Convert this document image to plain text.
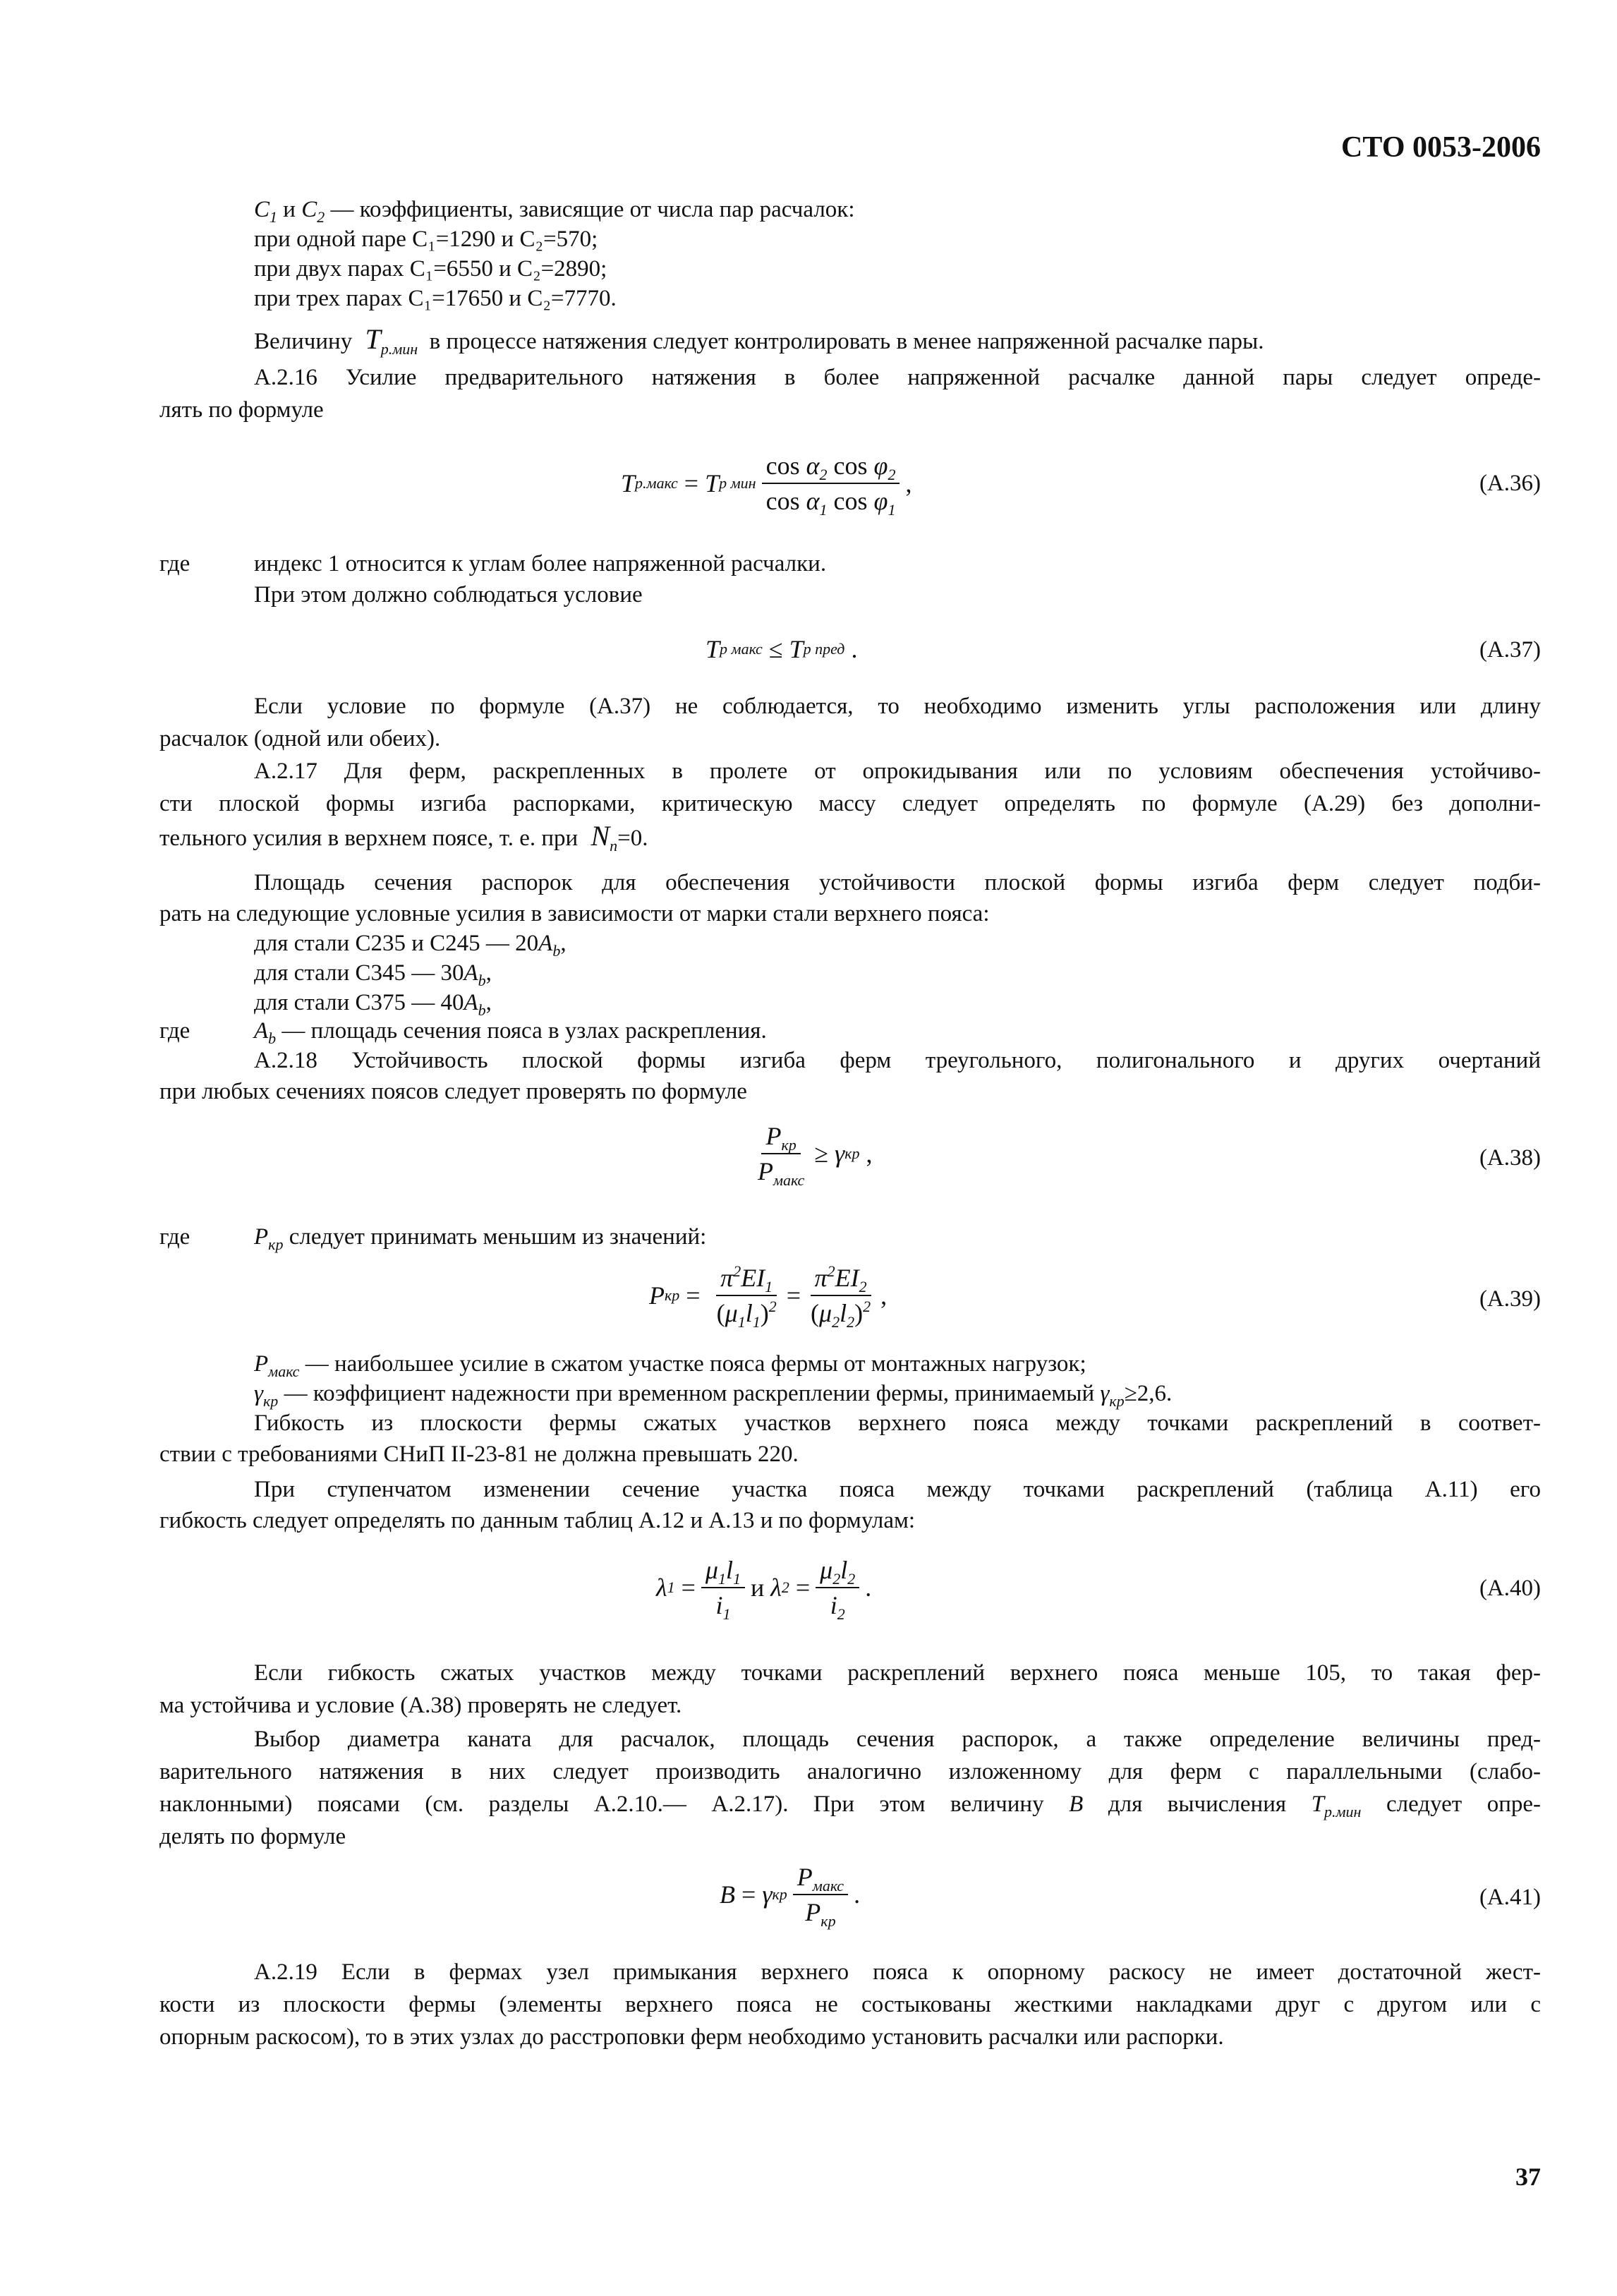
СТО 0053-2006

$C_1$ и $C_2$ — коэффициенты, зависящие от числа пар расчалок:

при одной паре C₁=1290 и C₂=570;

при двух парах C₁=6550 и C₂=2890;

при трех парах C₁=17650 и C₂=7770.

Величину  $T_{р.мин}$ в процессе натяжения следует контролировать в менее напряженной расчалке пары.

А.2.16 Усилие предварительного натяжения в более напряженной расчалке данной пары следует опреде-

лять по формуле

T р.макс = T р мин $\frac{\cos \alpha_2 \cos \varphi_2}{\cos \alpha_1 \cos \varphi_1}$ ,	(А.36)

где	индекс 1 относится к углам более напряженной расчалки.

При этом должно соблюдаться условие

T р макс ≤ T р пред .	(А.37)

Если условие по формуле (А.37) не соблюдается, то необходимо изменить углы расположения или длину

расчалок (одной или обеих).

А.2.17 Для ферм, раскрепленных в пролете от опрокидывания или по условиям обеспечения устойчиво-

сти плоской формы изгиба распорками, критическую массу следует определять по формуле (А.29) без дополни-

тельного усилия в верхнем поясе, т. е. при  $N_п=0$.

Площадь сечения распорок для обеспечения устойчивости плоской формы изгиба ферм следует подби-

рать на следующие условные усилия в зависимости от марки стали верхнего пояса:

для стали С235 и С245 — $20A_b$,

для стали С345 — $30A_b$,

для стали С375 — $40A_b$,

где	$A_b$ — площадь сечения пояса в узлах раскрепления.

А.2.18 Устойчивость плоской формы изгиба ферм треугольного, полигонального и других очертаний

при любых сечениях поясов следует проверять по формуле

$\frac{P_{кр}}{P_{макс}} \ge \gamma$ кр ,	(А.38)

где	$P_{кр}$ следует принимать меньшим из значений:

P кр = $\frac{\pi^2EI_1}{(\mu_1l_1)^2} = \frac{\pi^2EI_2}{(\mu_2l_2)^2}$ ,	(А.39)

$P_{макс}$ — наибольшее усилие в сжатом участке пояса фермы от монтажных нагрузок;

$\gamma_{кр}$ — коэффициент надежности при временном раскреплении фермы, принимаемый $\gamma_{кр}\ge 2,6$.

Гибкость из плоскости фермы сжатых участков верхнего пояса между точками раскреплений в соответ-

ствии с требованиями СНиП II-23-81 не должна превышать 220.

При ступенчатом изменении сечение участка пояса между точками раскреплений (таблица А.11) его

гибкость следует определять по данным таблиц А.12 и А.13 и по формулам:

λ $1 = \frac{\mu_1l_1}{i_1}$ и λ $2 = \frac{\mu_2l_2}{i_2}$ .	(А.40)

Если гибкость сжатых участков между точками раскреплений верхнего пояса меньше 105, то такая фер-

ма устойчива и условие (А.38) проверять не следует.

Выбор диаметра каната для расчалок, площадь сечения распорок, а также определение величины пред-

варительного натяжения в них следует производить аналогично изложенному для ферм с параллельными (слабо-

наклонными) поясами (см. разделы А.2.10.— А.2.17). При этом величину B для вычисления $T_{р.мин}$ следует опре-

делять по формуле

B = γ кр $\frac{P_{макс}}{P_{кр}}$ .	(А.41)

А.2.19 Если в фермах узел примыкания верхнего пояса к опорному раскосу не имеет достаточной жест-

кости из плоскости фермы (элементы верхнего пояса не состыкованы жесткими накладками друг с другом или с

опорным раскосом), то в этих узлах до расстроповки ферм необходимо установить расчалки или распорки.

37
